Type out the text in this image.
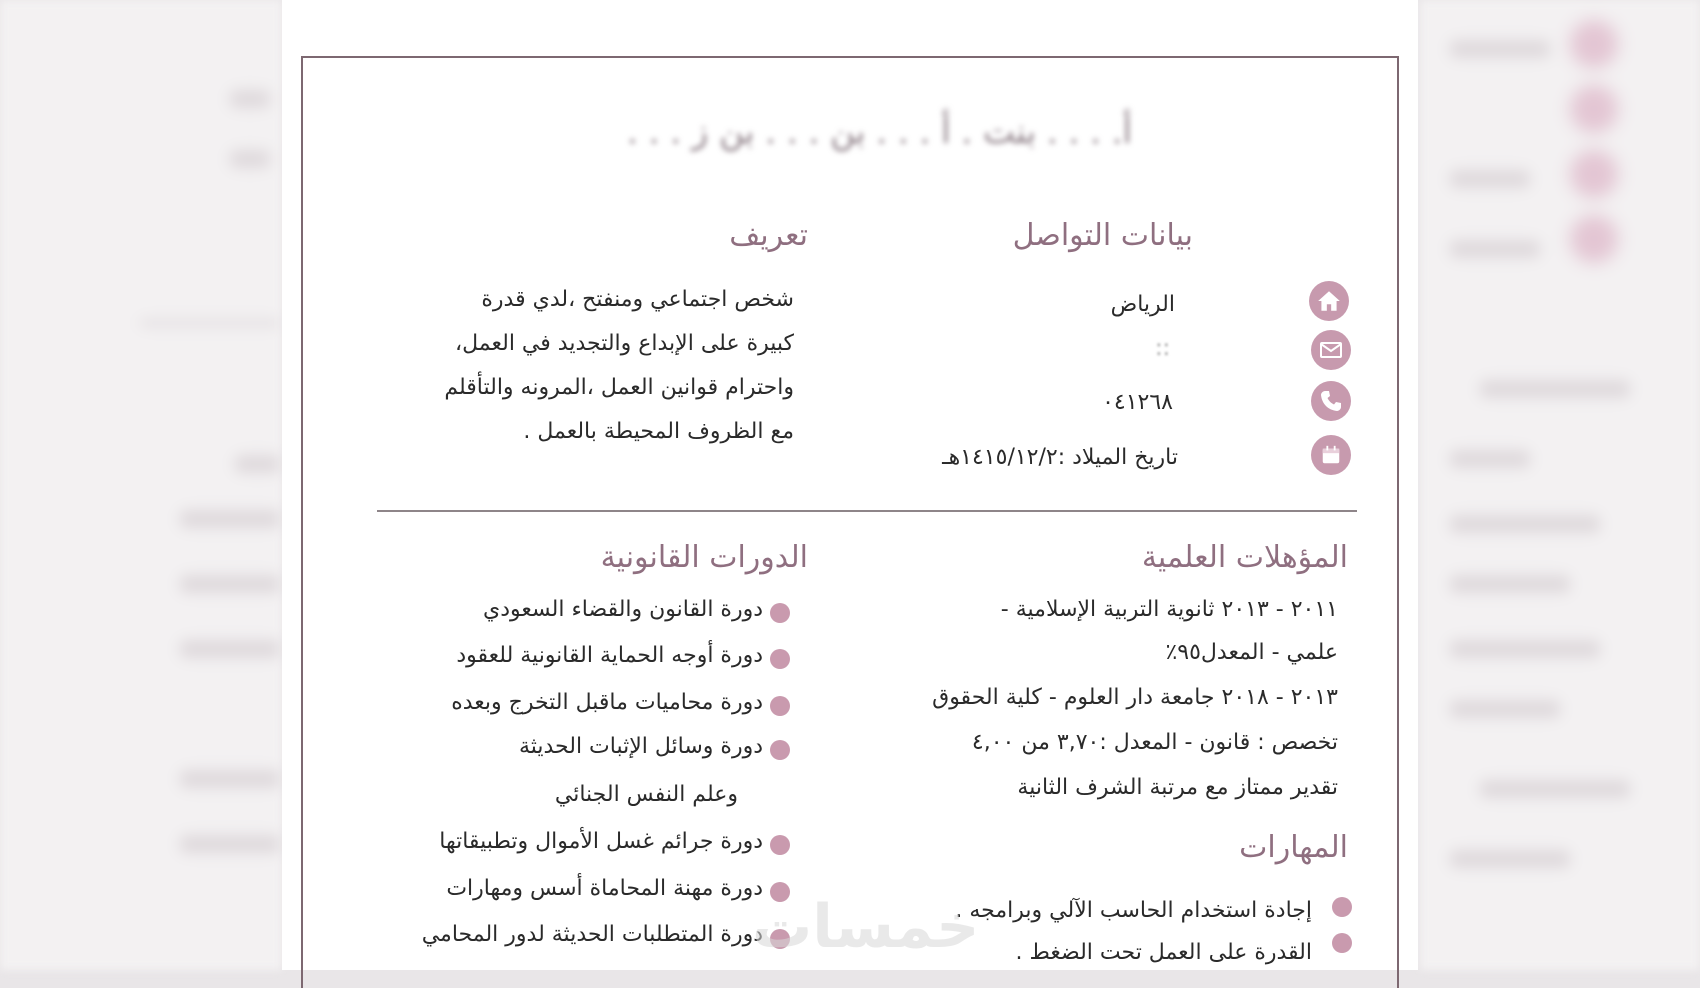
أ. . . . بنت . أ . . . بن . . . بن ز . . .
بيانات التواصل
الرياض
::
٠٤١٢٦٨
تاريخ الميلاد :١٤١٥/١٢/٢هـ
تعريف
شخص اجتماعي ومنفتح ،لدي قدرة
كبيرة على الإبداع والتجديد في العمل،
واحترام قوانين العمل ،المرونه والتأقلم
مع الظروف المحيطة بالعمل .
المؤهلات العلمية
٢٠١١ - ٢٠١٣ ثانوية التربية الإسلامية -
علمي - المعدل٩٥٪
٢٠١٣ - ٢٠١٨ جامعة دار العلوم - كلية الحقوق
تخصص : قانون - المعدل :٣,٧٠ من ٤,٠٠
تقدير ممتاز مع مرتبة الشرف الثانية
المهارات
إجادة استخدام الحاسب الآلي وبرامجه .
القدرة على العمل تحت الضغط .
الدورات القانونية
دورة القانون والقضاء السعودي
دورة أوجه الحماية القانونية للعقود
دورة محاميات ماقبل التخرج وبعده
دورة وسائل الإثبات الحديثة
وعلم النفس الجنائي
دورة جرائم غسل الأموال وتطبيقاتها
دورة مهنة المحاماة أسس ومهارات
دورة المتطلبات الحديثة لدور المحامي
خمسات
